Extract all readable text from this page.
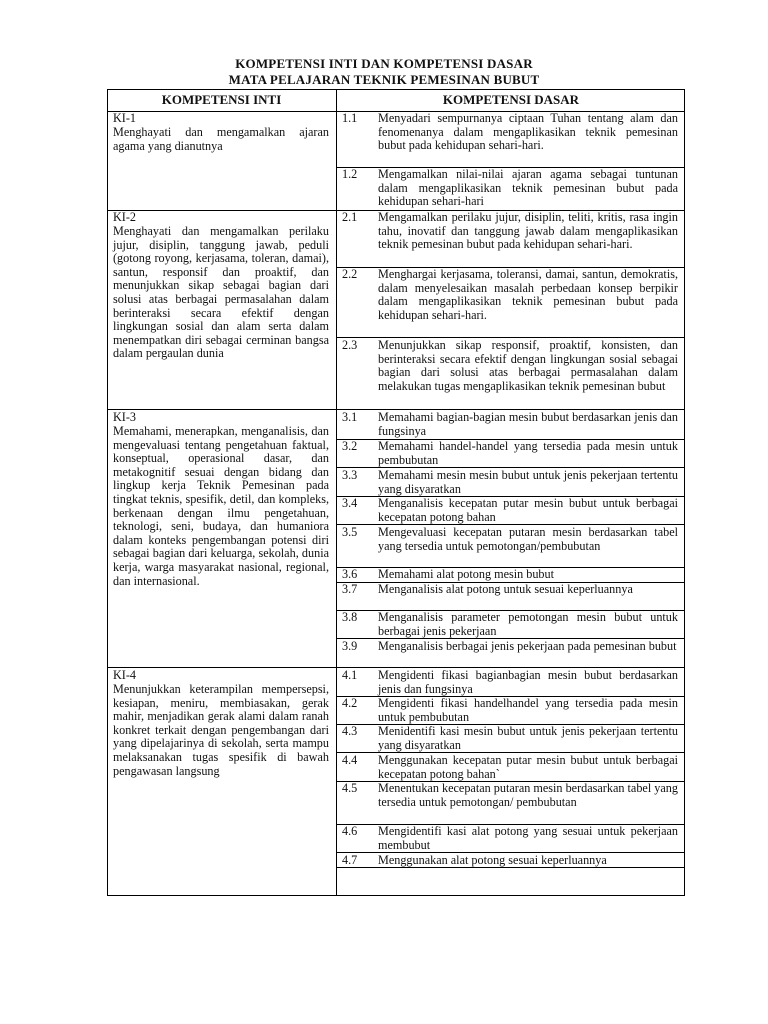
KOMPETENSI INTI DAN KOMPETENSI DASAR
MATA PELAJARAN TEKNIK PEMESINAN BUBUT
KOMPETENSI INTI	KOMPETENSI DASAR
KI-1
Menghayati dan mengamalkan ajaran agama yang dianutnya
KI-2
Menghayati dan mengamalkan perilaku jujur, disiplin, tanggung jawab, peduli (gotong royong, kerjasama, toleran, damai), santun, responsif dan proaktif, dan menunjukkan sikap sebagai bagian dari solusi atas berbagai permasalahan dalam berinteraksi secara efektif dengan lingkungan sosial dan alam serta dalam menempatkan diri sebagai cerminan bangsa dalam pergaulan dunia
KI-3
Memahami, menerapkan, menganalisis, dan mengevaluasi tentang pengetahuan faktual, konseptual, operasional dasar, dan metakognitif sesuai dengan bidang dan lingkup kerja Teknik Pemesinan pada tingkat teknis, spesifik, detil, dan kompleks, berkenaan dengan ilmu pengetahuan, teknologi, seni, budaya, dan humaniora dalam konteks pengembangan potensi diri sebagai bagian dari keluarga, sekolah, dunia kerja, warga masyarakat nasional, regional, dan internasional.
KI-4
Menunjukkan keterampilan mempersepsi, kesiapan, meniru, membiasakan, gerak mahir, menjadikan gerak alami dalam ranah konkret terkait dengan pengembangan dari yang dipelajarinya di sekolah, serta mampu melaksanakan tugas spesifik di bawah pengawasan langsung
1.1 Menyadari sempurnanya ciptaan Tuhan tentang alam dan fenomenanya dalam mengaplikasikan teknik pemesinan bubut pada kehidupan sehari-hari.
1.2 Mengamalkan nilai-nilai ajaran agama sebagai tuntunan dalam mengaplikasikan teknik pemesinan bubut pada kehidupan sehari-hari
2.1 Mengamalkan perilaku jujur, disiplin, teliti, kritis, rasa ingin tahu, inovatif dan tanggung jawab dalam mengaplikasikan teknik pemesinan bubut pada kehidupan sehari-hari.
2.2 Menghargai kerjasama, toleransi, damai, santun, demokratis, dalam menyelesaikan masalah perbedaan konsep berpikir dalam mengaplikasikan teknik pemesinan bubut pada kehidupan sehari-hari.
2.3 Menunjukkan sikap responsif, proaktif, konsisten, dan berinteraksi secara efektif dengan lingkungan sosial sebagai bagian dari solusi atas berbagai permasalahan dalam melakukan tugas mengaplikasikan teknik pemesinan bubut
3.1 Memahami bagian-bagian mesin bubut berdasarkan jenis dan fungsinya
3.2 Memahami handel-handel yang tersedia pada mesin untuk pembubutan
3.3 Memahami mesin mesin bubut untuk jenis pekerjaan tertentu yang disyaratkan
3.4 Menganalisis kecepatan putar mesin bubut untuk berbagai kecepatan potong bahan
3.5 Mengevaluasi kecepatan putaran mesin berdasarkan tabel yang tersedia untuk pemotongan/pembubutan
3.6 Memahami alat potong mesin bubut
3.7 Menganalisis alat potong untuk sesuai keperluannya
3.8 Menganalisis parameter pemotongan mesin bubut untuk berbagai jenis pekerjaan
3.9 Menganalisis berbagai jenis pekerjaan pada pemesinan bubut
4.1 Mengidenti fikasi bagianbagian mesin bubut berdasarkan jenis dan fungsinya
4.2 Mengidenti fikasi handelhandel yang tersedia pada mesin untuk pembubutan
4.3 Menidentifi kasi mesin bubut untuk jenis pekerjaan tertentu yang disyaratkan
4.4 Menggunakan kecepatan putar mesin bubut untuk berbagai kecepatan potong bahan`
4.5 Menentukan kecepatan putaran mesin berdasarkan tabel yang tersedia untuk pemotongan/ pembubutan
4.6 Mengidentifi kasi alat potong yang sesuai untuk pekerjaan membubut
4.7 Menggunakan alat potong sesuai keperluannya
